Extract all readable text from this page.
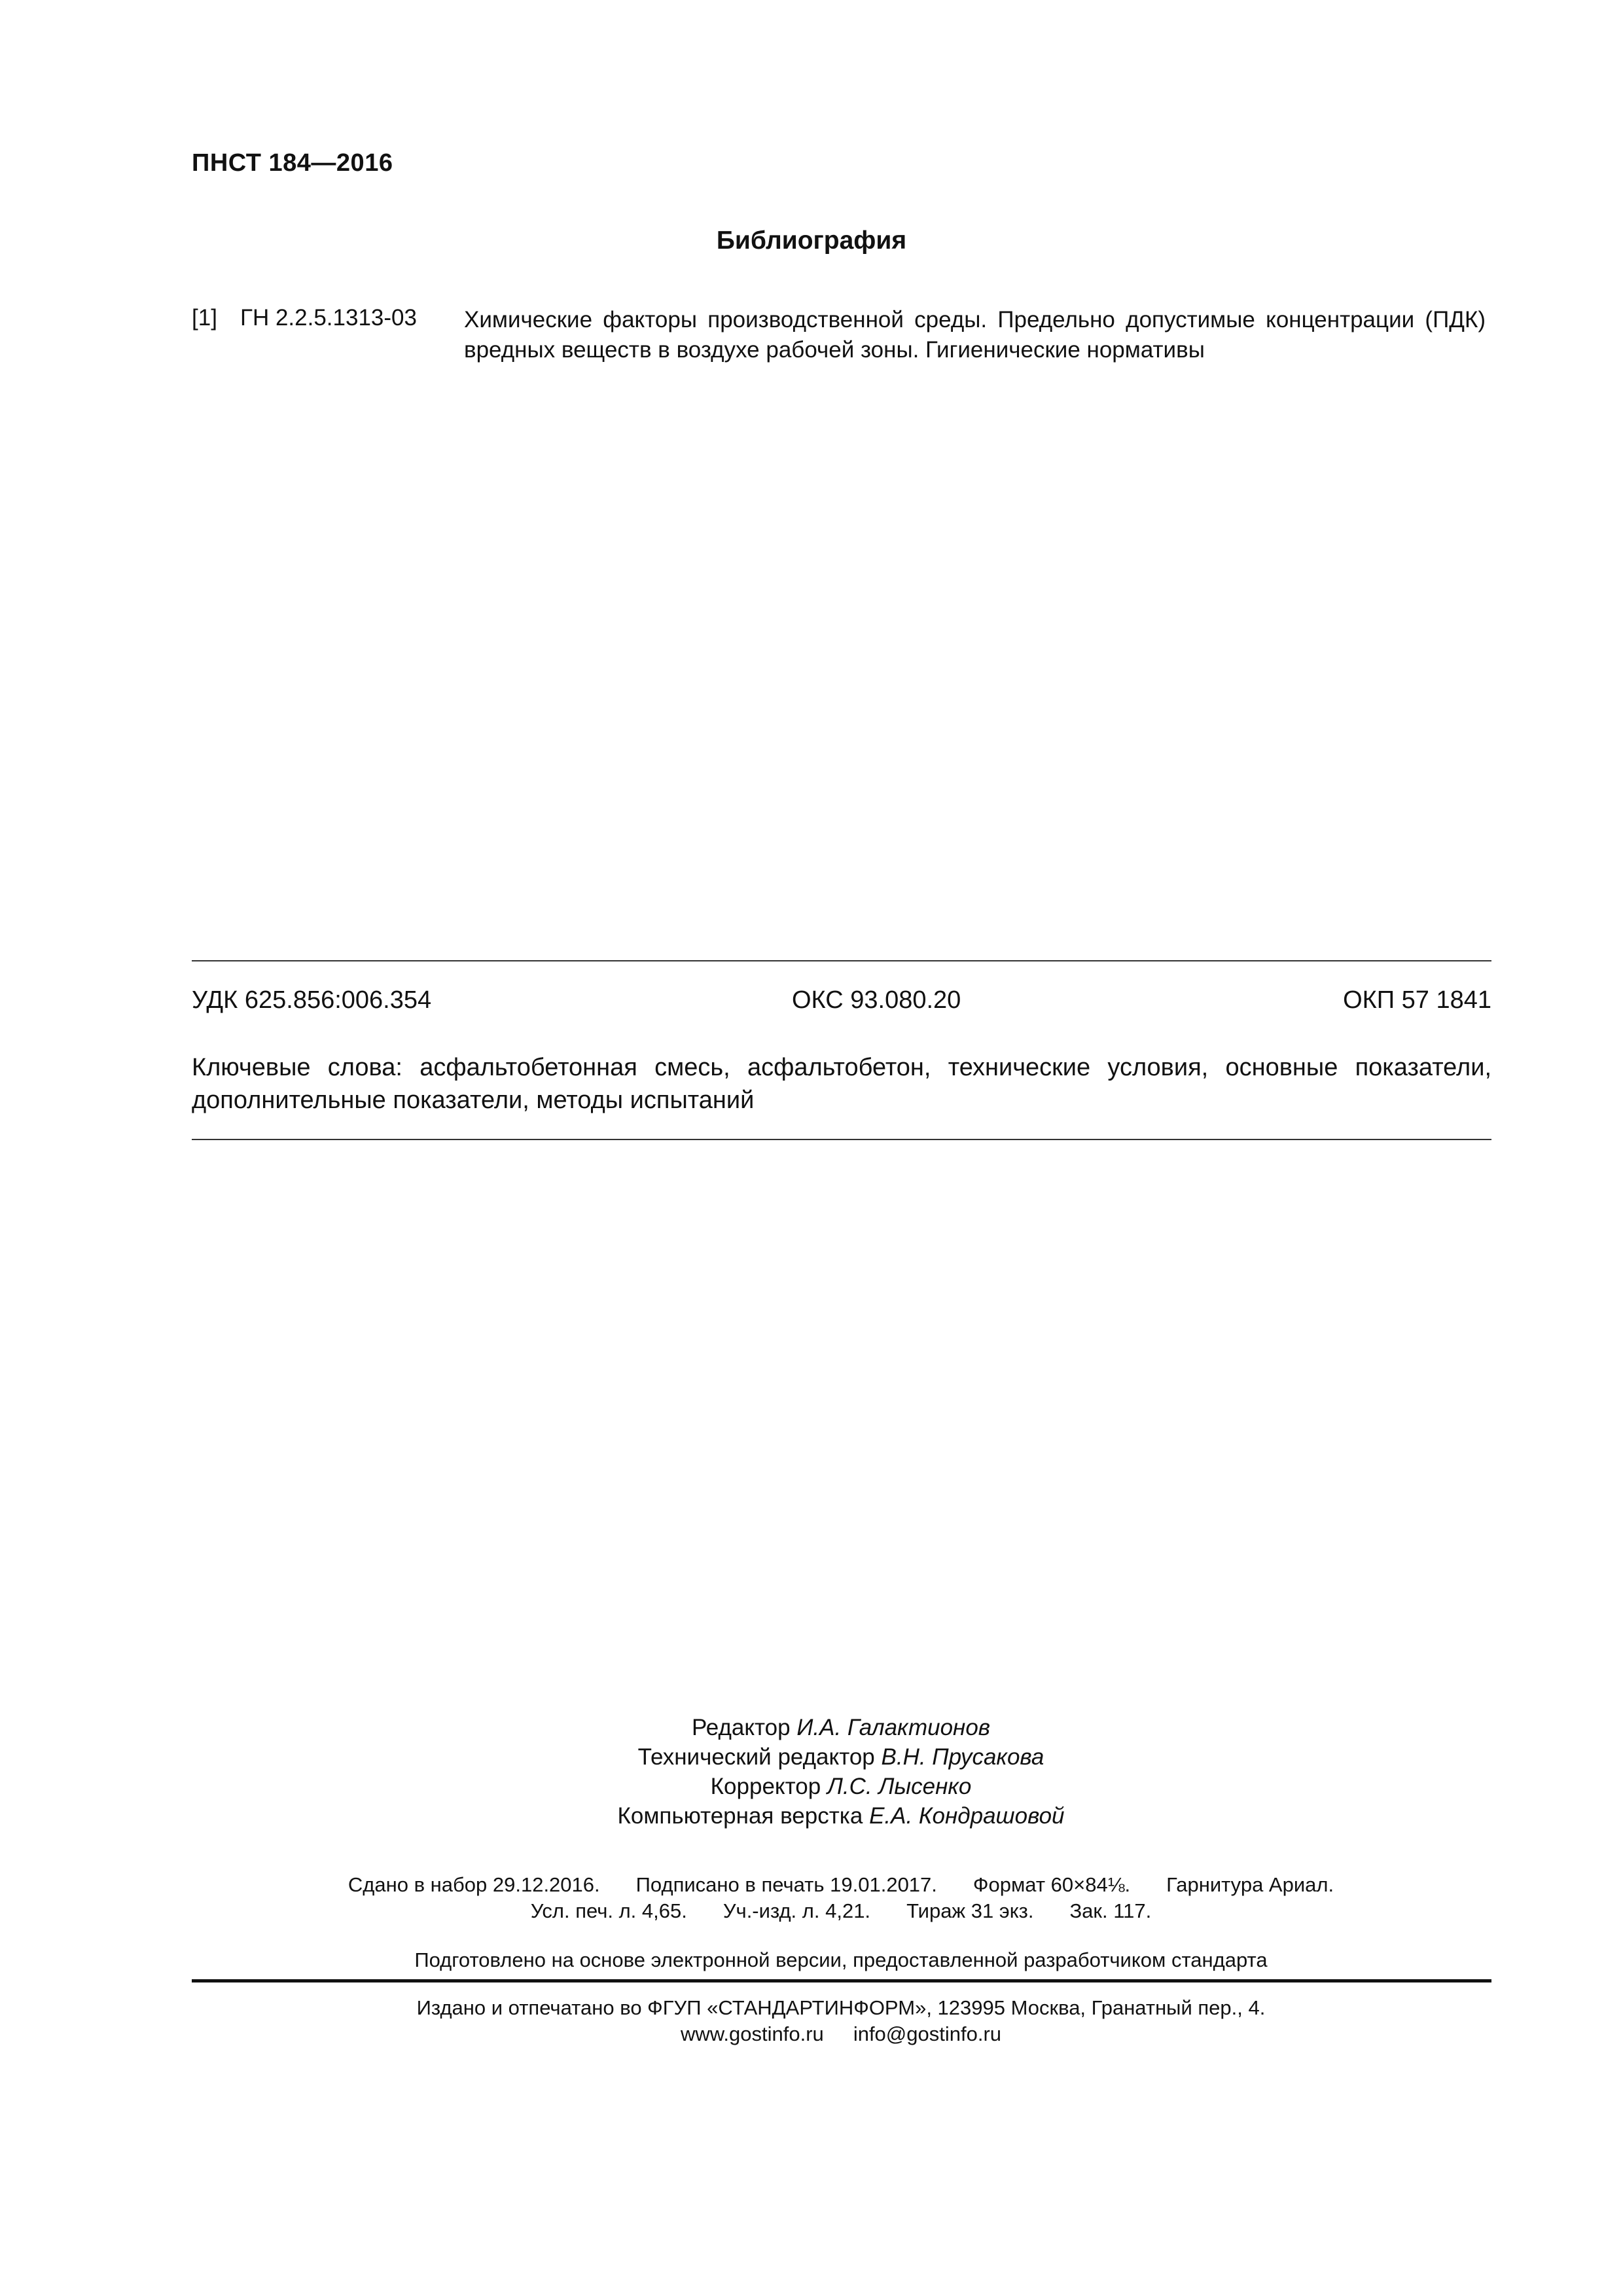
ПНСТ 184—2016
Библиография
[1] ГН 2.2.5.1313-03 Химические факторы производственной среды. Предельно допустимые концентрации (ПДК) вредных веществ в воздухе рабочей зоны. Гигиенические нормативы
УДК 625.856:006.354	ОКС 93.080.20	ОКП 57 1841
Ключевые слова: асфальтобетонная смесь, асфальтобетон, технические условия, основные показатели, дополнительные показатели, методы испытаний
Редактор И.А. Галактионов
Технический редактор В.Н. Прусакова
Корректор Л.С. Лысенко
Компьютерная верстка Е.А. Кондрашовой
Сдано в набор 29.12.2016. Подписано в печать 19.01.2017. Формат 60×84⅛. Гарнитура Ариал.
Усл. печ. л. 4,65. Уч.-изд. л. 4,21. Тираж 31 экз. Зак. 117.
Подготовлено на основе электронной версии, предоставленной разработчиком стандарта
Издано и отпечатано во ФГУП «СТАНДАРТИНФОРМ», 123995 Москва, Гранатный пер., 4.
www.gostinfo.ru info@gostinfo.ru
